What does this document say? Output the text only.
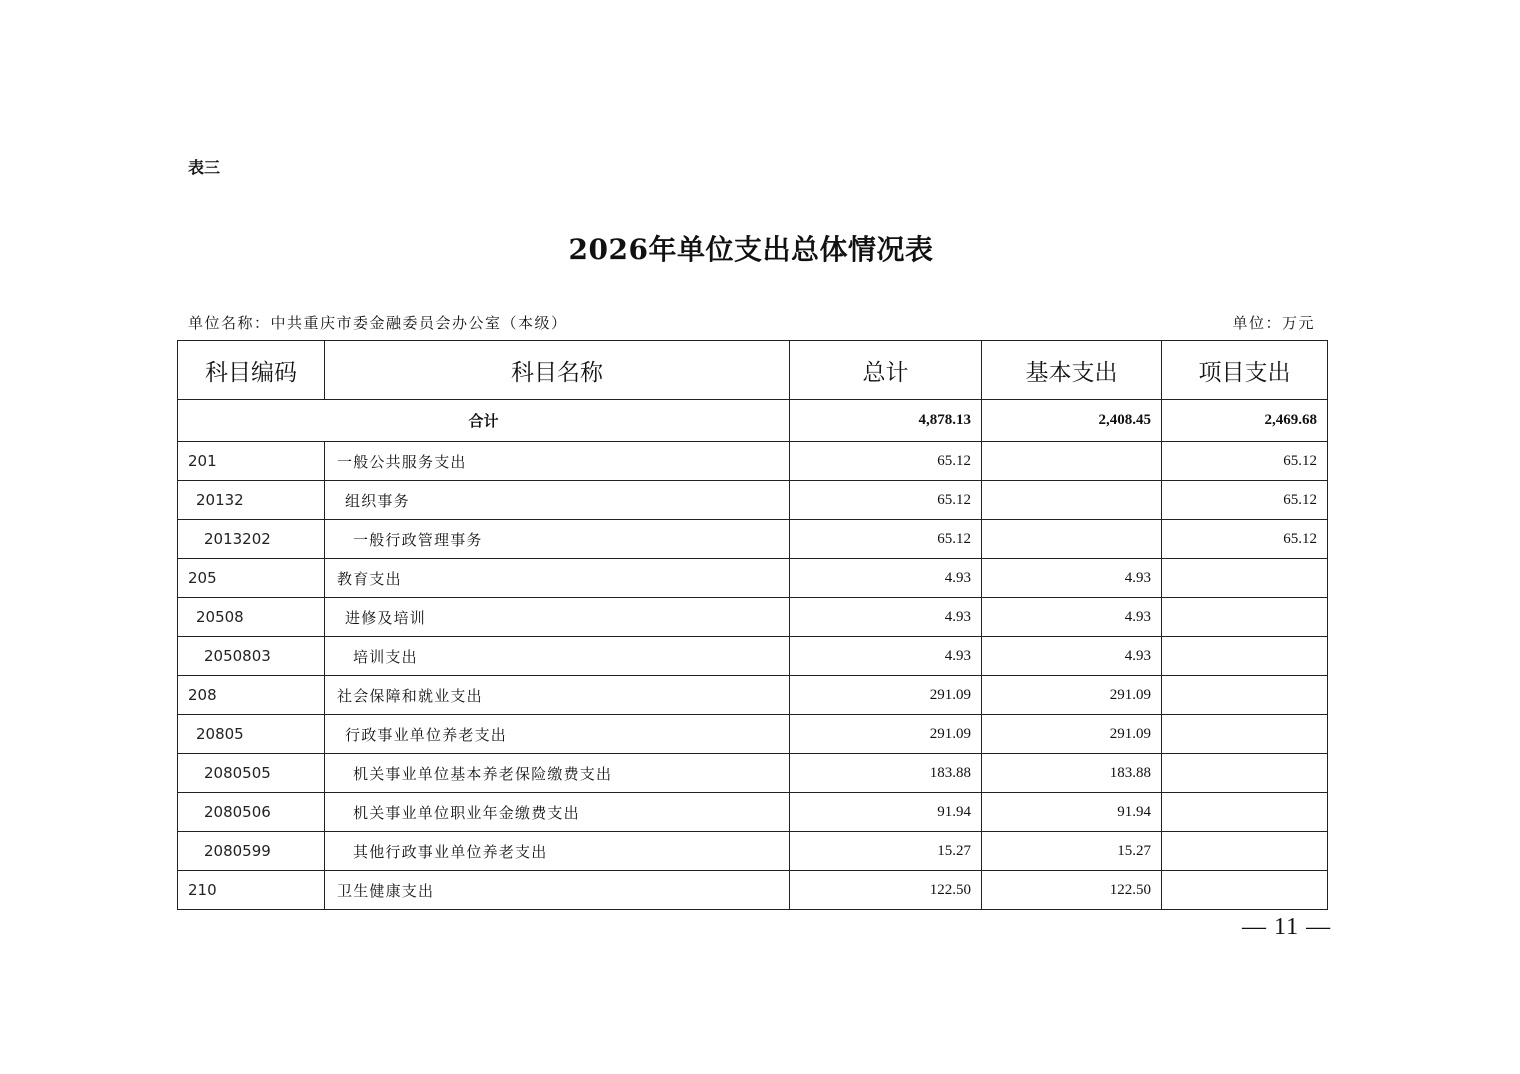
表三
2026年单位支出总体情况表
单位名称：中共重庆市委金融委员会办公室（本级）	单位：万元
科目编码	科目名称	总计	基本支出	项目支出
合计		4,878.13	2,408.45	2,469.68
201	一般公共服务支出	65.12		65.12
20132	组织事务	65.12		65.12
2013202	一般行政管理事务	65.12		65.12
205	教育支出	4.93	4.93	
20508	进修及培训	4.93	4.93	
2050803	培训支出	4.93	4.93	
208	社会保障和就业支出	291.09	291.09	
20805	行政事业单位养老支出	291.09	291.09	
2080505	机关事业单位基本养老保险缴费支出	183.88	183.88	
2080506	机关事业单位职业年金缴费支出	91.94	91.94	
2080599	其他行政事业单位养老支出	15.27	15.27	
210	卫生健康支出	122.50	122.50	
— 11 —
